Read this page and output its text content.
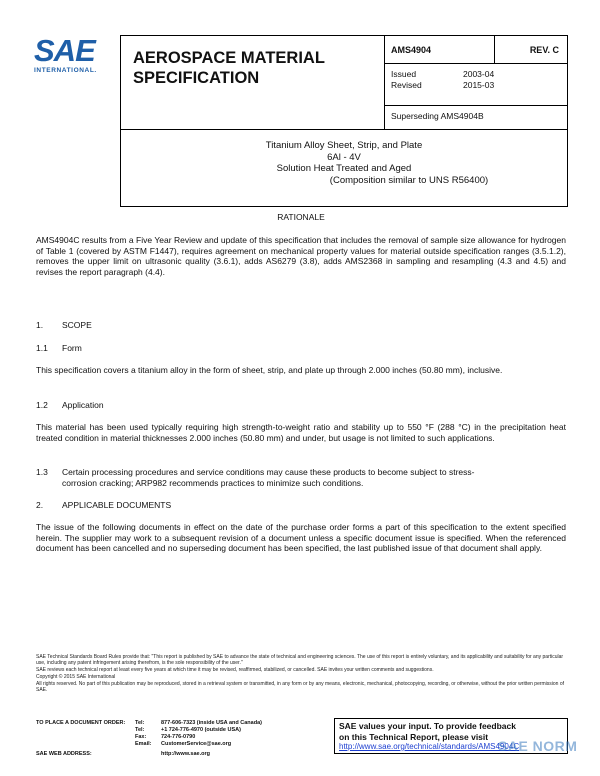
SAE
INTERNATIONAL.
AEROSPACE MATERIAL
SPECIFICATION
AMS4904	REV. C
Issued	2003-04
Revised	2015-03
Superseding AMS4904B
Titanium Alloy Sheet, Strip, and Plate
6Al - 4V
Solution Heat Treated and Aged
(Composition similar to UNS R56400)

RATIONALE

AMS4904C results from a Five Year Review and update of this specification that includes the removal of sample size allowance for hydrogen of Table 1 (covered by ASTM F1447), requires agreement on mechanical property values for material outside specification ranges (3.5.1.2), removes the upper limit on ultrasonic quality (3.6.1), adds AS6279 (3.8), adds AMS2368 in sampling and resampling (4.3 and 4.5) and revises the report paragraph (4.4).

1. SCOPE

1.1 Form

This specification covers a titanium alloy in the form of sheet, strip, and plate up through 2.000 inches (50.80 mm), inclusive.

1.2 Application

This material has been used typically requiring high strength-to-weight ratio and stability up to 550 °F (288 °C) in the precipitation heat treated condition in material thicknesses 2.000 inches (50.80 mm) and under, but usage is not limited to such applications.

1.3 Certain processing procedures and service conditions may cause these products to become subject to stress-

corrosion cracking; ARP982 recommends practices to minimize such conditions.

2. APPLICABLE DOCUMENTS

The issue of the following documents in effect on the date of the purchase order forms a part of this specification to the extent specified herein. The supplier may work to a subsequent revision of a document unless a specific document issue is specified. When the referenced document has been cancelled and no superseding document has been specified, the last published issue of that document shall apply.

SAE Technical Standards Board Rules provide that: "This report is published by SAE to advance the state of technical and engineering sciences. The use of this report is entirely voluntary, and its applicability and suitability for any particular use, including any patent infringement arising therefrom, is the sole responsibility of the user."
SAE reviews each technical report at least every five years at which time it may be revised, reaffirmed, stabilized, or cancelled. SAE invites your written comments and suggestions.
Copyright © 2015 SAE International
All rights reserved. No part of this publication may be reproduced, stored in a retrieval system or transmitted, in any form or by any means, electronic, mechanical, photocopying, recording, or otherwise, without the prior written permission of SAE.
TO PLACE A DOCUMENT ORDER: Tel:	877-606-7323 (inside USA and Canada)
Tel:	+1 724-776-4970 (outside USA)
Fax:	724-776-0790
Email: CustomerService@sae.org
SAE WEB ADDRESS:	http://www.sae.org
SAE values your input. To provide feedback
on this Technical Report, please visit
http://www.sae.org/technical/standards/AMS4904C
SAE NORM
